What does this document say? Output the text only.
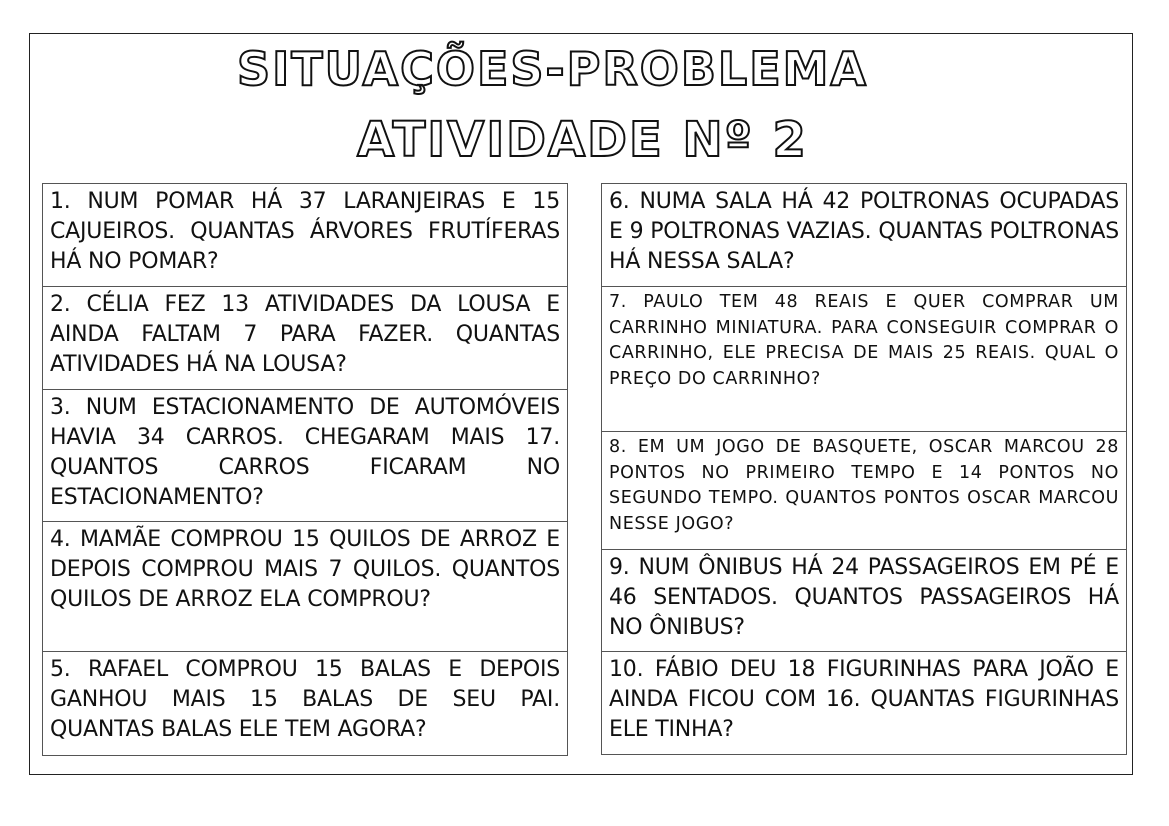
SITUAÇÕES-PROBLEMA
ATIVIDADE Nº 2
1. NUM POMAR HÁ 37 LARANJEIRAS E 15 CAJUEIROS. QUANTAS ÁRVORES FRUTÍFERAS HÁ NO POMAR?
2. CÉLIA FEZ 13 ATIVIDADES DA LOUSA E AINDA FALTAM 7 PARA FAZER. QUANTAS ATIVIDADES HÁ NA LOUSA?
3. NUM ESTACIONAMENTO DE AUTOMÓVEIS HAVIA 34 CARROS. CHEGARAM MAIS 17. QUANTOS CARROS FICARAM NO ESTACIONAMENTO?
4. MAMÃE COMPROU 15 QUILOS DE ARROZ E DEPOIS COMPROU MAIS 7 QUILOS. QUANTOS QUILOS DE ARROZ ELA COMPROU?
5. RAFAEL COMPROU 15 BALAS E DEPOIS GANHOU MAIS 15 BALAS DE SEU PAI. QUANTAS BALAS ELE TEM AGORA?
6. NUMA SALA HÁ 42 POLTRONAS OCUPADAS E 9 POLTRONAS VAZIAS. QUANTAS POLTRONAS HÁ NESSA SALA?
7. PAULO TEM 48 REAIS E QUER COMPRAR UM CARRINHO MINIATURA. PARA CONSEGUIR COMPRAR O CARRINHO, ELE PRECISA DE MAIS 25 REAIS. QUAL O PREÇO DO CARRINHO?
8. EM UM JOGO DE BASQUETE, OSCAR MARCOU 28 PONTOS NO PRIMEIRO TEMPO E 14 PONTOS NO SEGUNDO TEMPO. QUANTOS PONTOS OSCAR MARCOU NESSE JOGO?
9. NUM ÔNIBUS HÁ 24 PASSAGEIROS EM PÉ E 46 SENTADOS. QUANTOS PASSAGEIROS HÁ NO ÔNIBUS?
10. FÁBIO DEU 18 FIGURINHAS PARA JOÃO E AINDA FICOU COM 16. QUANTAS FIGURINHAS ELE TINHA?
